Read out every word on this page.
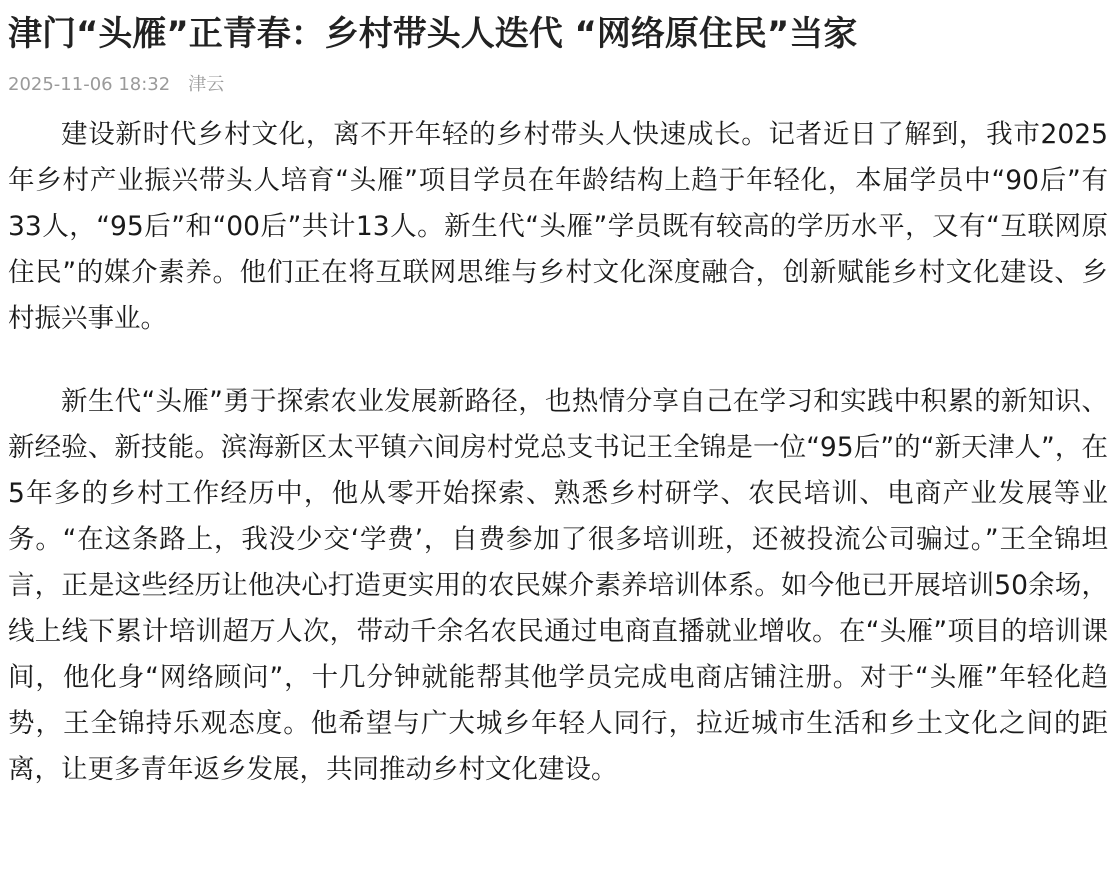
津门“头雁”正青春：乡村带头人迭代 “网络原住民”当家
2025-11-06 18:32 津云

建设新时代乡村文化，离不开年轻的乡村带头人快速成长。记者近日了解到，我市2025年乡村产业振兴带头人培育“头雁”项目学员在年龄结构上趋于年轻化，本届学员中“90后”有33人，“95后”和“00后”共计13人。新生代“头雁”学员既有较高的学历水平，又有“互联网原住民”的媒介素养。他们正在将互联网思维与乡村文化深度融合，创新赋能乡村文化建设、乡村振兴事业。

新生代“头雁”勇于探索农业发展新路径，也热情分享自己在学习和实践中积累的新知识、新经验、新技能。滨海新区太平镇六间房村党总支书记王全锦是一位“95后”的“新天津人”，在5年多的乡村工作经历中，他从零开始探索、熟悉乡村研学、农民培训、电商产业发展等业务。“在这条路上，我没少交‘学费’，自费参加了很多培训班，还被投流公司骗过。”王全锦坦言，正是这些经历让他决心打造更实用的农民媒介素养培训体系。如今他已开展培训50余场，线上线下累计培训超万人次，带动千余名农民通过电商直播就业增收。在“头雁”项目的培训课间，他化身“网络顾问”，十几分钟就能帮其他学员完成电商店铺注册。对于“头雁”年轻化趋势，王全锦持乐观态度。他希望与广大城乡年轻人同行，拉近城市生活和乡土文化之间的距离，让更多青年返乡发展，共同推动乡村文化建设。
